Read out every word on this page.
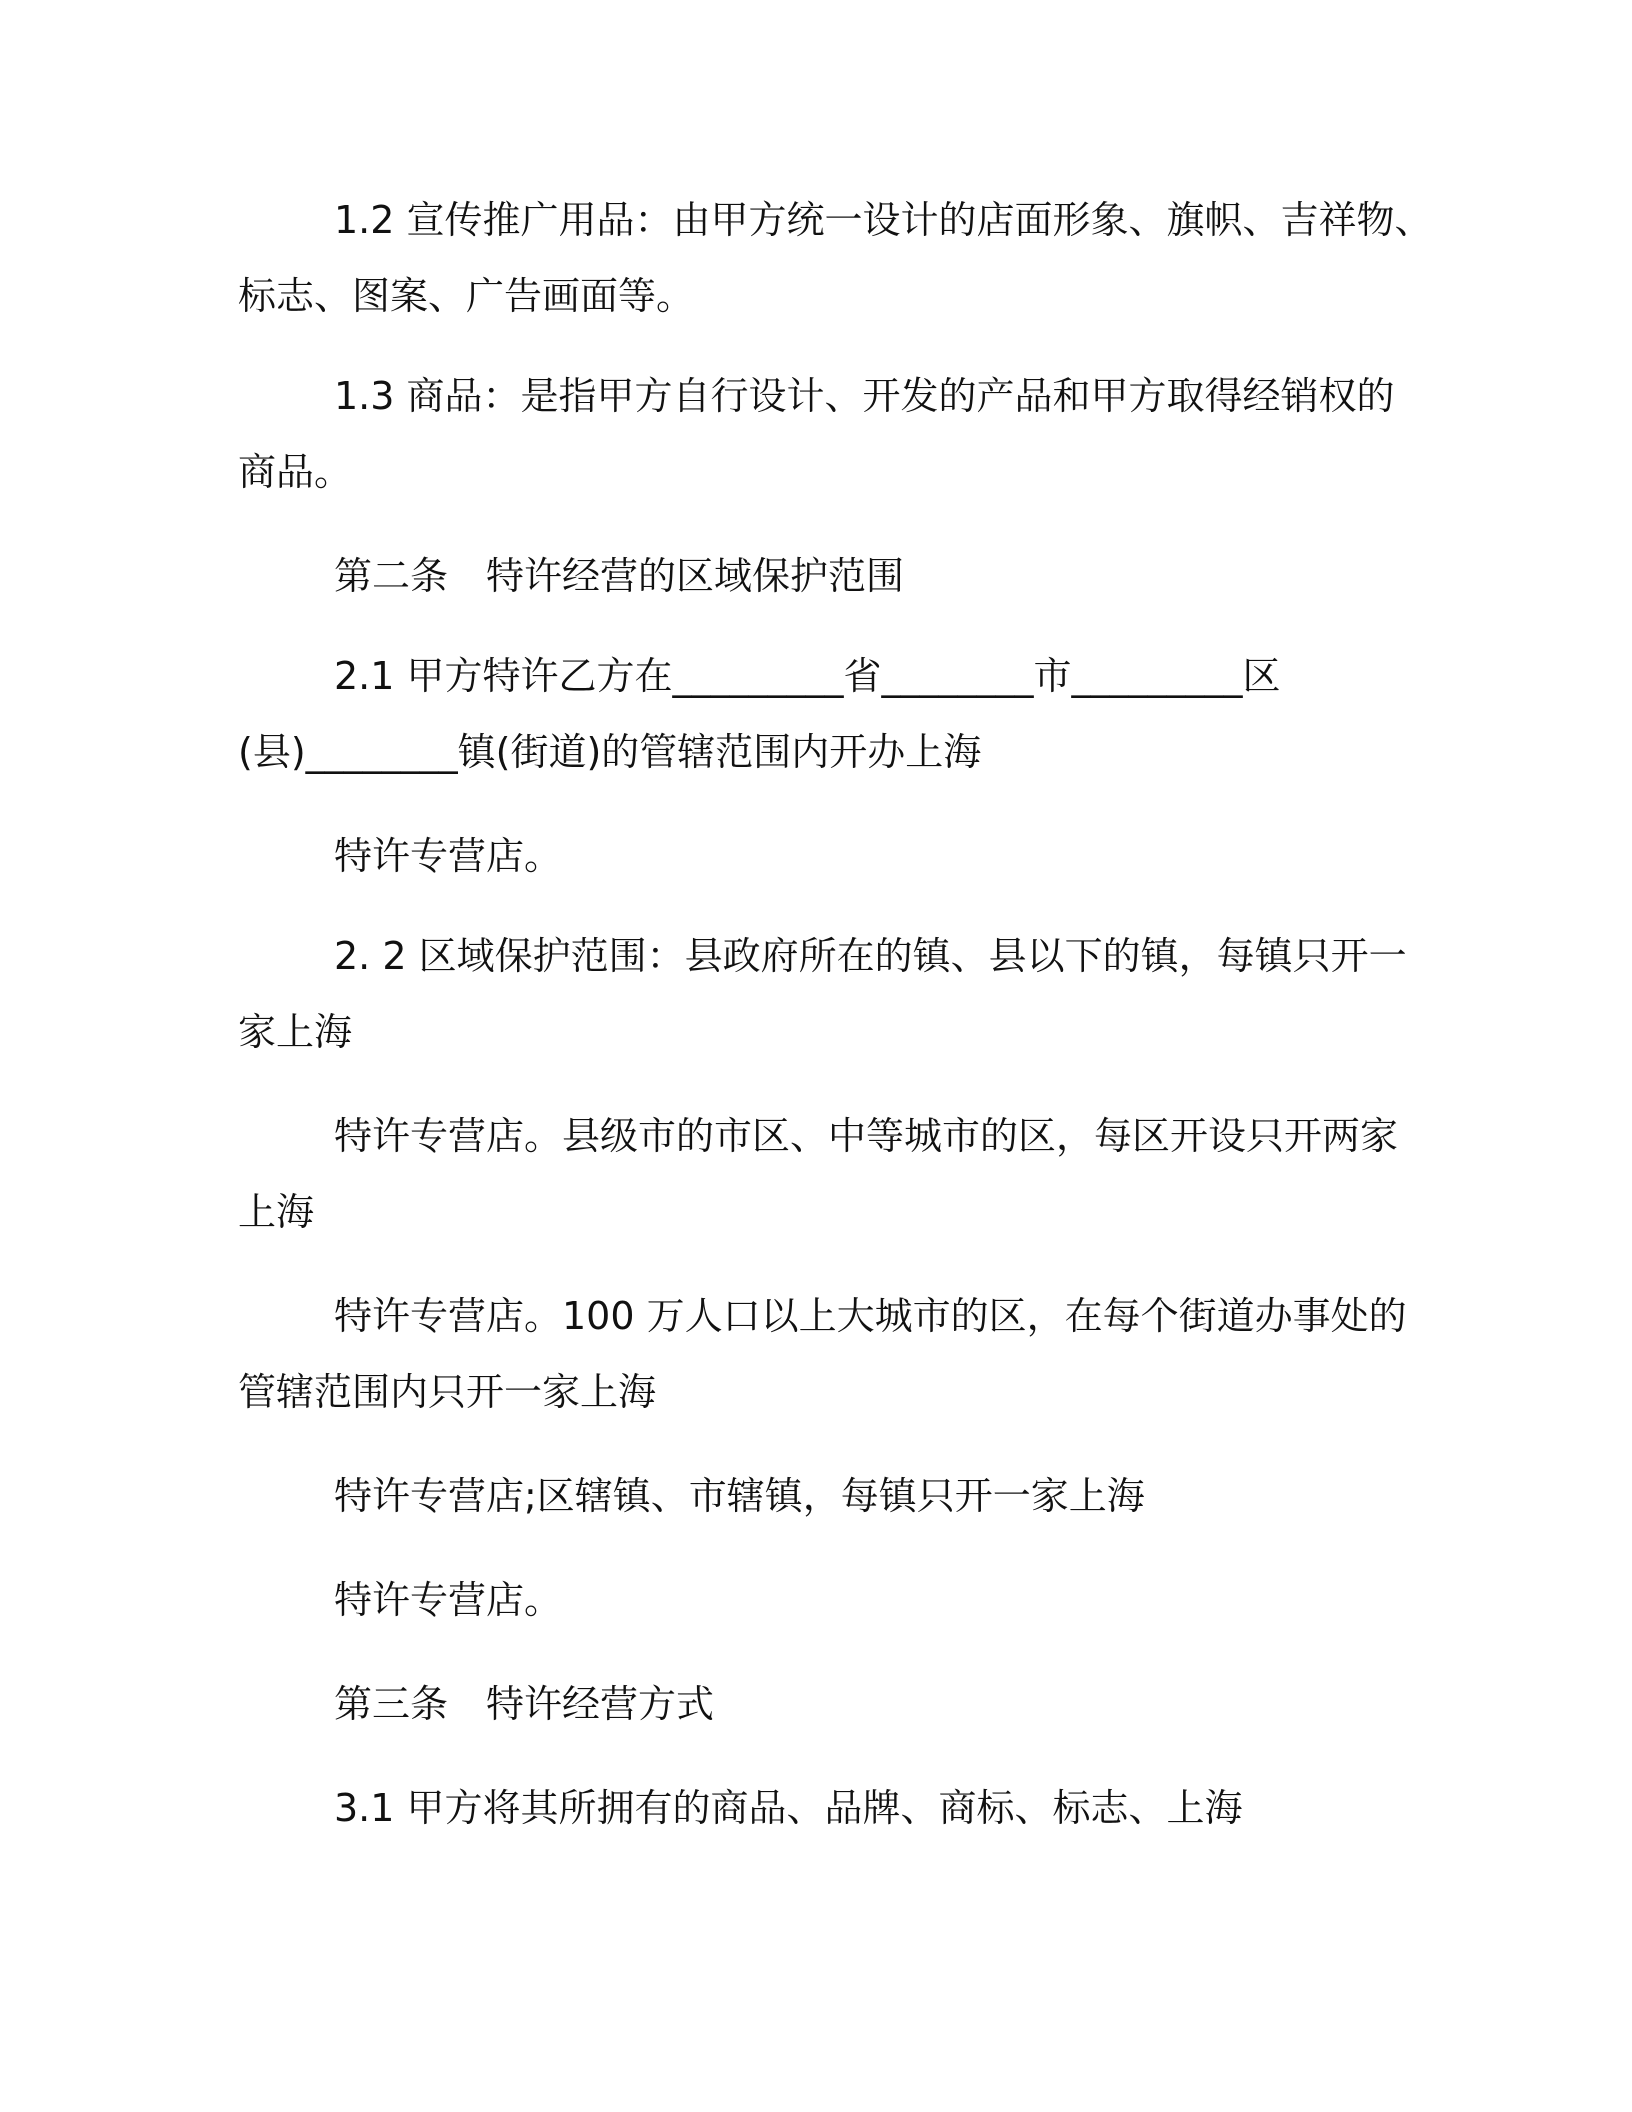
1.2 宣传推广用品：由甲方统一设计的店面形象、旗帜、吉祥物、
标志、图案、广告画面等。
1.3 商品：是指甲方自行设计、开发的产品和甲方取得经销权的
商品。
第二条　特许经营的区域保护范围
2.1 甲方特许乙方在_________省________市_________区
(县)________镇(街道)的管辖范围内开办上海
特许专营店。
2. 2 区域保护范围：县政府所在的镇、县以下的镇，每镇只开一
家上海
特许专营店。县级市的市区、中等城市的区，每区开设只开两家
上海
特许专营店。100 万人口以上大城市的区，在每个街道办事处的
管辖范围内只开一家上海
特许专营店;区辖镇、市辖镇，每镇只开一家上海
特许专营店。
第三条　特许经营方式
3.1 甲方将其所拥有的商品、品牌、商标、标志、上海
